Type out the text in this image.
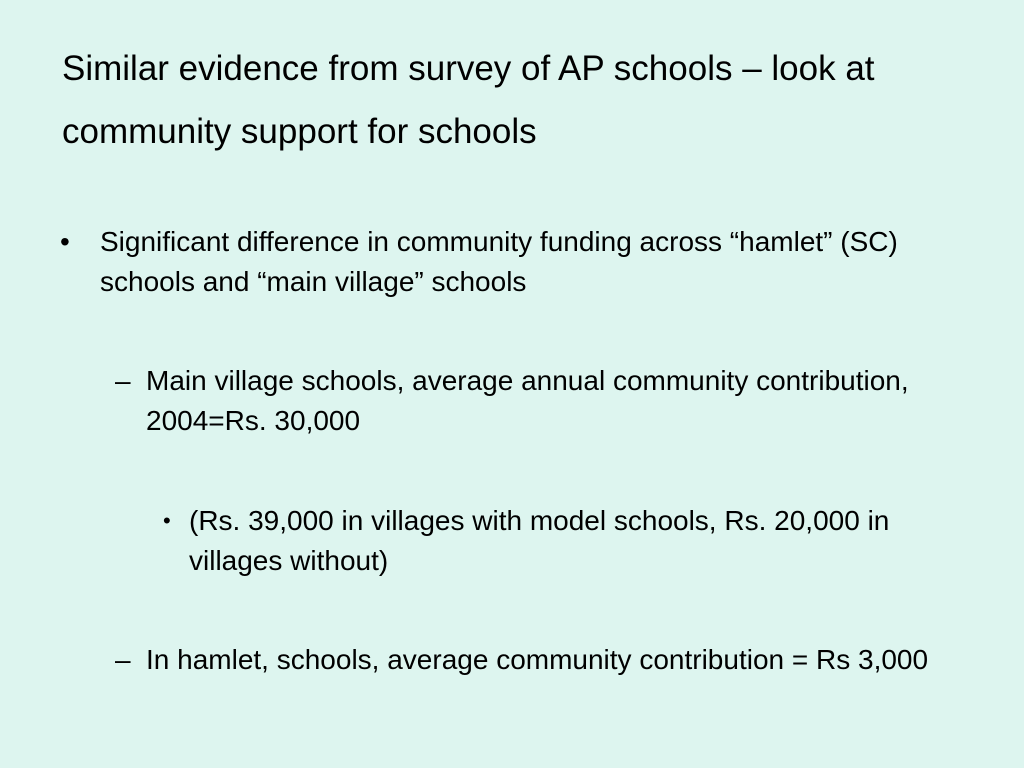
Similar evidence from survey of AP schools – look at community support for schools
• Significant difference in community funding across “hamlet” (SC) schools and “main village” schools
– Main village schools, average annual community contribution, 2004=Rs. 30,000
• (Rs. 39,000 in villages with model schools, Rs. 20,000 in villages without)
– In hamlet, schools, average community contribution = Rs 3,000
